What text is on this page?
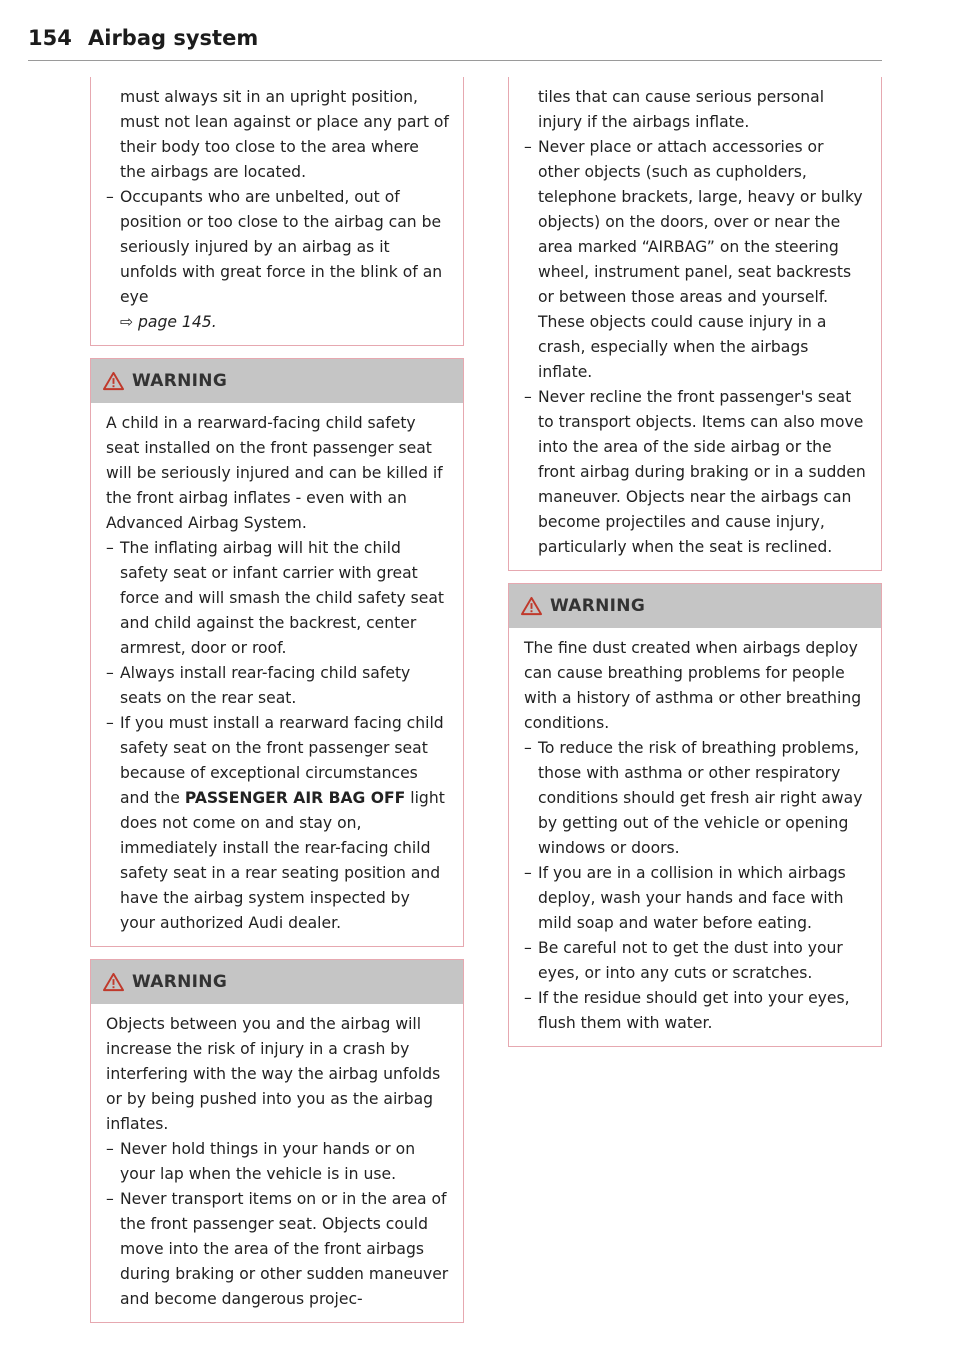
154 Airbag system

must always sit in an upright position, must not lean against or place any part of their body too close to the area where the airbags are located.

– Occupants who are unbelted, out of position or too close to the airbag can be seriously injured by an airbag as it unfolds with great force in the blink of an eye
⇨ page 145.
WARNING

A child in a rearward-facing child safety seat installed on the front passenger seat will be seriously injured and can be killed if the front airbag inflates - even with an Advanced Airbag System.

– The inflating airbag will hit the child safety seat or infant carrier with great force and will smash the child safety seat and child against the backrest, center armrest, door or roof.
– Always install rear-facing child safety seats on the rear seat.
– If you must install a rearward facing child safety seat on the front passenger seat because of exceptional circumstances and the PASSENGER AIR BAG OFF light does not come on and stay on, immediately install the rear-facing child safety seat in a rear seating position and have the airbag system inspected by your authorized Audi dealer.
WARNING

Objects between you and the airbag will increase the risk of injury in a crash by interfering with the way the airbag unfolds or by being pushed into you as the airbag inflates.

– Never hold things in your hands or on your lap when the vehicle is in use.
– Never transport items on or in the area of the front passenger seat. Objects could move into the area of the front airbags during braking or other sudden maneuver and become dangerous projec-

tiles that can cause serious personal injury if the airbags inflate.

– Never place or attach accessories or other objects (such as cupholders, telephone brackets, large, heavy or bulky objects) on the doors, over or near the area marked “AIRBAG” on the steering wheel, instrument panel, seat backrests or between those areas and yourself. These objects could cause injury in a crash, especially when the airbags inflate.
– Never recline the front passenger's seat to transport objects. Items can also move into the area of the side airbag or the front airbag during braking or in a sudden maneuver. Objects near the airbags can become projectiles and cause injury, particularly when the seat is reclined.
WARNING

The fine dust created when airbags deploy can cause breathing problems for people with a history of asthma or other breathing conditions.

– To reduce the risk of breathing problems, those with asthma or other respiratory conditions should get fresh air right away by getting out of the vehicle or opening windows or doors.
– If you are in a collision in which airbags deploy, wash your hands and face with mild soap and water before eating.
– Be careful not to get the dust into your eyes, or into any cuts or scratches.
– If the residue should get into your eyes, flush them with water.
